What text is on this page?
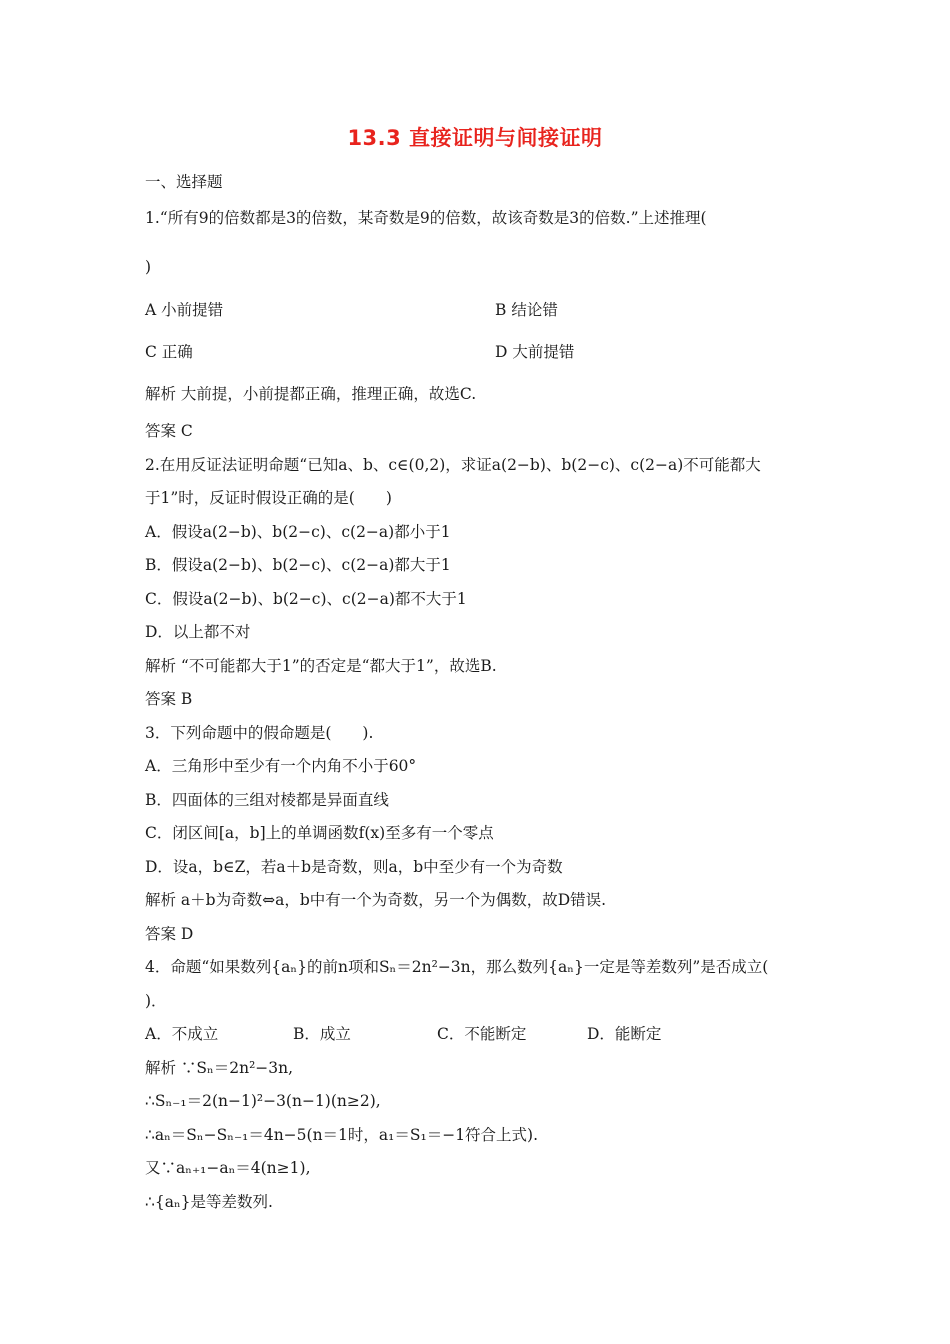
13.3 直接证明与间接证明
一、选择题
1.“所有9的倍数都是3的倍数，某奇数是9的倍数，故该奇数是3的倍数.”上述推理(
)
A 小前提错	B 结论错
C 正确	D 大前提错
解析 大前提，小前提都正确，推理正确，故选C.
答案 C
2.在用反证法证明命题“已知a、b、c∈(0,2)，求证a(2−b)、b(2−c)、c(2−a)不可能都大
于1”时，反证时假设正确的是(　　)
A．假设a(2−b)、b(2−c)、c(2−a)都小于1
B．假设a(2−b)、b(2−c)、c(2−a)都大于1
C．假设a(2−b)、b(2−c)、c(2−a)都不大于1
D．以上都不对
解析 “不可能都大于1”的否定是“都大于1”，故选B.
答案 B
3．下列命题中的假命题是(　　).
A．三角形中至少有一个内角不小于60°
B．四面体的三组对棱都是异面直线
C．闭区间[a，b]上的单调函数f(x)至多有一个零点
D．设a，b∈Z，若a＋b是奇数，则a，b中至少有一个为奇数
解析 a＋b为奇数⇔a，b中有一个为奇数，另一个为偶数，故D错误.
答案 D
4．命题“如果数列{aₙ}的前n项和Sₙ＝2n²−3n，那么数列{aₙ}一定是等差数列”是否成立(
)．
A．不成立	B．成立	C．不能断定	D．能断定
解析 ∵Sₙ＝2n²−3n,
∴Sₙ₋₁＝2(n−1)²−3(n−1)(n≥2),
∴aₙ＝Sₙ−Sₙ₋₁＝4n−5(n＝1时，a₁＝S₁＝−1符合上式).
又∵aₙ₊₁−aₙ＝4(n≥1),
∴{aₙ}是等差数列.
